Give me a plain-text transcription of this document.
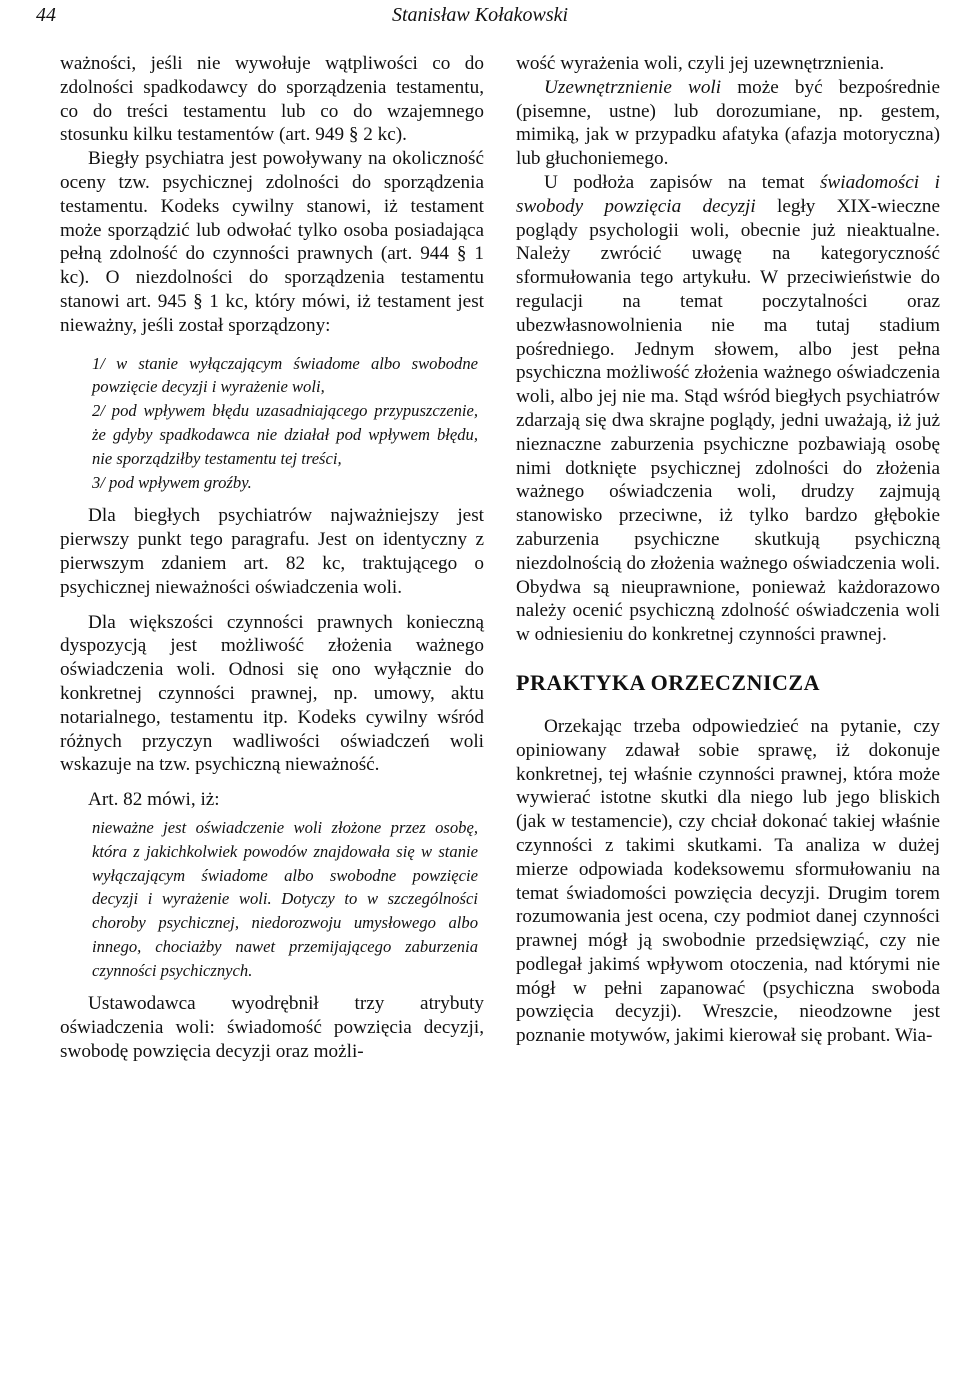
44	Stanisław Kołakowski

ważności, jeśli nie wywołuje wątpliwości co do zdolności spadkodawcy do sporządzenia testamentu, co do treści testamentu lub co do wzajemnego stosunku kilku testamentów (art. 949 § 2 kc).

Biegły psychiatra jest powoływany na okoliczność oceny tzw. psychicznej zdolności do sporządzenia testamentu. Kodeks cywilny stanowi, iż testament może sporządzić lub odwołać tylko osoba posiadająca pełną zdolność do czynności prawnych (art. 944 § 1 kc). O niezdolności do sporządzenia testamentu stanowi art. 945 § 1 kc, który mówi, iż testament jest nieważny, jeśli został sporządzony:

1/ w stanie wyłączającym świadome albo swobodne powzięcie decyzji i wyrażenie woli,

2/ pod wpływem błędu uzasadniającego przypuszczenie, że gdyby spadkodawca nie działał pod wpływem błędu, nie sporządziłby testamentu tej treści,

3/ pod wpływem groźby.

Dla biegłych psychiatrów najważniejszy jest pierwszy punkt tego paragrafu. Jest on identyczny z pierwszym zdaniem art. 82 kc, traktującego o psychicznej nieważności oświadczenia woli.

Dla większości czynności prawnych konieczną dyspozycją jest możliwość złożenia ważnego oświadczenia woli. Odnosi się ono wyłącznie do konkretnej czynności prawnej, np. umowy, aktu notarialnego, testamentu itp. Kodeks cywilny wśród różnych przyczyn wadliwości oświadczeń woli wskazuje na tzw. psychiczną nieważność.

Art. 82 mówi, iż:

nieważne jest oświadczenie woli złożone przez osobę, która z jakichkolwiek powodów znajdowała się w stanie wyłączającym świadome albo swobodne powzięcie decyzji i wyrażenie woli. Dotyczy to w szczególności choroby psychicznej, niedorozwoju umysłowego albo innego, chociażby nawet przemijającego zaburzenia czynności psychicznych.

Ustawodawca wyodrębnił trzy atrybuty oświadczenia woli: świadomość powzięcia decyzji, swobodę powzięcia decyzji oraz możli-

wość wyrażenia woli, czyli jej uzewnętrznienia.

Uzewnętrznienie woli może być bezpośrednie (pisemne, ustne) lub dorozumiane, np. gestem, mimiką, jak w przypadku afatyka (afazja motoryczna) lub głuchoniemego.

U podłoża zapisów na temat świadomości i swobody powzięcia decyzji legły XIX-wieczne poglądy psychologii woli, obecnie już nieaktualne. Należy zwrócić uwagę na kategoryczność sformułowania tego artykułu. W przeciwieństwie do regulacji na temat poczytalności oraz ubezwłasnowolnienia nie ma tutaj stadium pośredniego. Jednym słowem, albo jest pełna psychiczna możliwość złożenia ważnego oświadczenia woli, albo jej nie ma. Stąd wśród biegłych psychiatrów zdarzają się dwa skrajne poglądy, jedni uważają, iż już nieznaczne zaburzenia psychiczne pozbawiają osobę nimi dotknięte psychicznej zdolności do złożenia ważnego oświadczenia woli, drudzy zajmują stanowisko przeciwne, iż tylko bardzo głębokie zaburzenia psychiczne skutkują psychiczną niezdolnością do złożenia ważnego oświadczenia woli. Obydwa są nieuprawnione, ponieważ każdorazowo należy ocenić psychiczną zdolność oświadczenia woli w odniesieniu do konkretnej czynności prawnej.

PRAKTYKA ORZECZNICZA

Orzekając trzeba odpowiedzieć na pytanie, czy opiniowany zdawał sobie sprawę, iż dokonuje konkretnej, tej właśnie czynności prawnej, która może wywierać istotne skutki dla niego lub jego bliskich (jak w testamencie), czy chciał dokonać takiej właśnie czynności z takimi skutkami. Ta analiza w dużej mierze odpowiada kodeksowemu sformułowaniu na temat świadomości powzięcia decyzji. Drugim torem rozumowania jest ocena, czy podmiot danej czynności prawnej mógł ją swobodnie przedsięwziąć, czy nie podlegał jakimś wpływom otoczenia, nad którymi nie mógł w pełni zapanować (psychiczna swoboda powzięcia decyzji). Wreszcie, nieodzowne jest poznanie motywów, jakimi kierował się probant. Wia-
